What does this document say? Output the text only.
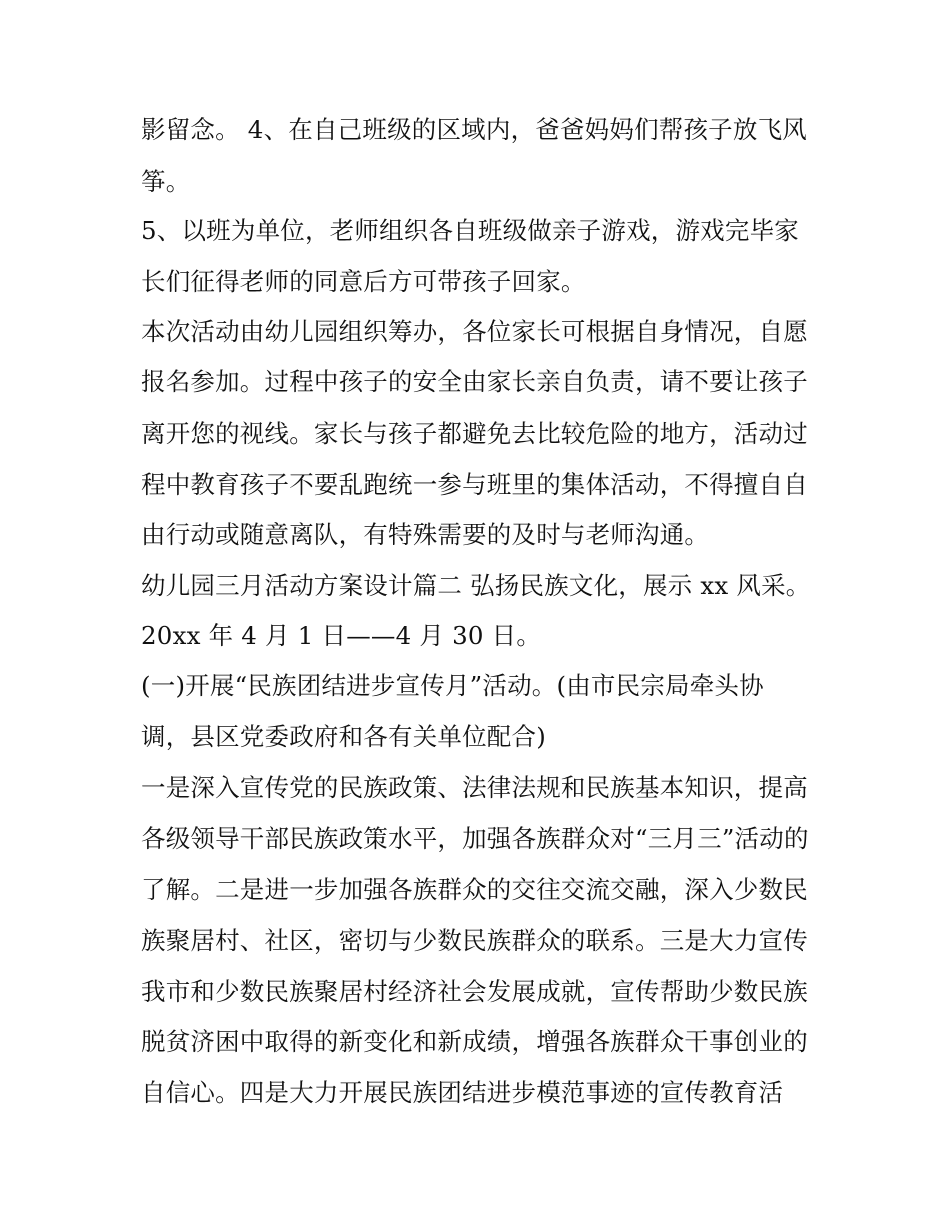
影留念。 4、在自己班级的区域内，爸爸妈妈们帮孩子放飞风
筝。
5、以班为单位，老师组织各自班级做亲子游戏，游戏完毕家
长们征得老师的同意后方可带孩子回家。
本次活动由幼儿园组织筹办，各位家长可根据自身情况，自愿
报名参加。过程中孩子的安全由家长亲自负责，请不要让孩子
离开您的视线。家长与孩子都避免去比较危险的地方，活动过
程中教育孩子不要乱跑统一参与班里的集体活动，不得擅自自
由行动或随意离队，有特殊需要的及时与老师沟通。
幼儿园三月活动方案设计篇二 弘扬民族文化，展示 xx 风采。
20xx 年 4 月 1 日——4 月 30 日。
(一)开展“民族团结进步宣传月”活动。(由市民宗局牵头协
调，县区党委政府和各有关单位配合)
一是深入宣传党的民族政策、法律法规和民族基本知识，提高
各级领导干部民族政策水平，加强各族群众对“三月三”活动的
了解。二是进一步加强各族群众的交往交流交融，深入少数民
族聚居村、社区，密切与少数民族群众的联系。三是大力宣传
我市和少数民族聚居村经济社会发展成就，宣传帮助少数民族
脱贫济困中取得的新变化和新成绩，增强各族群众干事创业的
自信心。四是大力开展民族团结进步模范事迹的宣传教育活
